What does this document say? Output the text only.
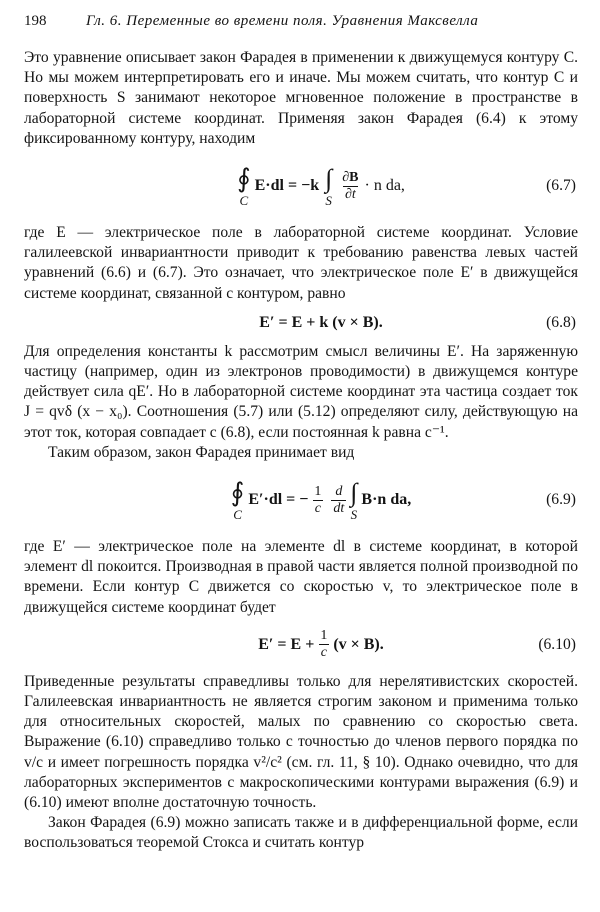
198	Гл. 6. Переменные во времени поля. Уравнения Максвелла

Это уравнение описывает закон Фарадея в применении к движущемуся контуру C. Но мы можем интерпретировать его и иначе. Мы можем считать, что контур C и поверхность S занимают некоторое мгновенное положение в пространстве в лабораторной системе координат. Применяя закон Фарадея (6.4) к этому фиксированному контуру, находим

∮
C
E·dl = −k ∫
S $\frac{\partial B}{\partial t} \cdot n$ da,	(6.7)

где E — электрическое поле в лабораторной системе координат. Условие галилеевской инвариантности приводит к требованию равенства левых частей уравнений (6.6) и (6.7). Это означает, что электрическое поле E′ в движущейся системе координат, связанной с контуром, равно

E′ = E + k (v × B).	(6.8)

Для определения константы k рассмотрим смысл величины E′. На заряженную частицу (например, один из электронов проводимости) в движущемся контуре действует сила qE′. Но в лабораторной системе координат эта частица создает ток J = qvδ (x − x₀). Соотношения (5.7) или (5.12) определяют силу, действующую на этот ток, которая совпадает с (6.8), если постоянная k равна c⁻¹.

Таким образом, закон Фарадея принимает вид

∮
C
E′·dl = − $\frac{1}{c} \frac{d}{dt}$ ∫
S
B·n da,	(6.9)

где E′ — электрическое поле на элементе dl в системе координат, в которой элемент dl покоится. Производная в правой части является полной производной по времени. Если контур C движется со скоростью v, то электрическое поле в движущейся системе координат будет

$E' = E + \frac{1}{c} (v \times B)$.	(6.10)

Приведенные результаты справедливы только для нерелятивистских скоростей. Галилеевская инвариантность не является строгим законом и применима только для относительных скоростей, малых по сравнению со скоростью света. Выражение (6.10) справедливо только с точностью до членов первого порядка по v/c и имеет погрешность порядка v²/c² (см. гл. 11, § 10). Однако очевидно, что для лабораторных экспериментов с макроскопическими контурами выражения (6.9) и (6.10) имеют вполне достаточную точность.

Закон Фарадея (6.9) можно записать также и в дифференциальной форме, если воспользоваться теоремой Стокса и считать контур
